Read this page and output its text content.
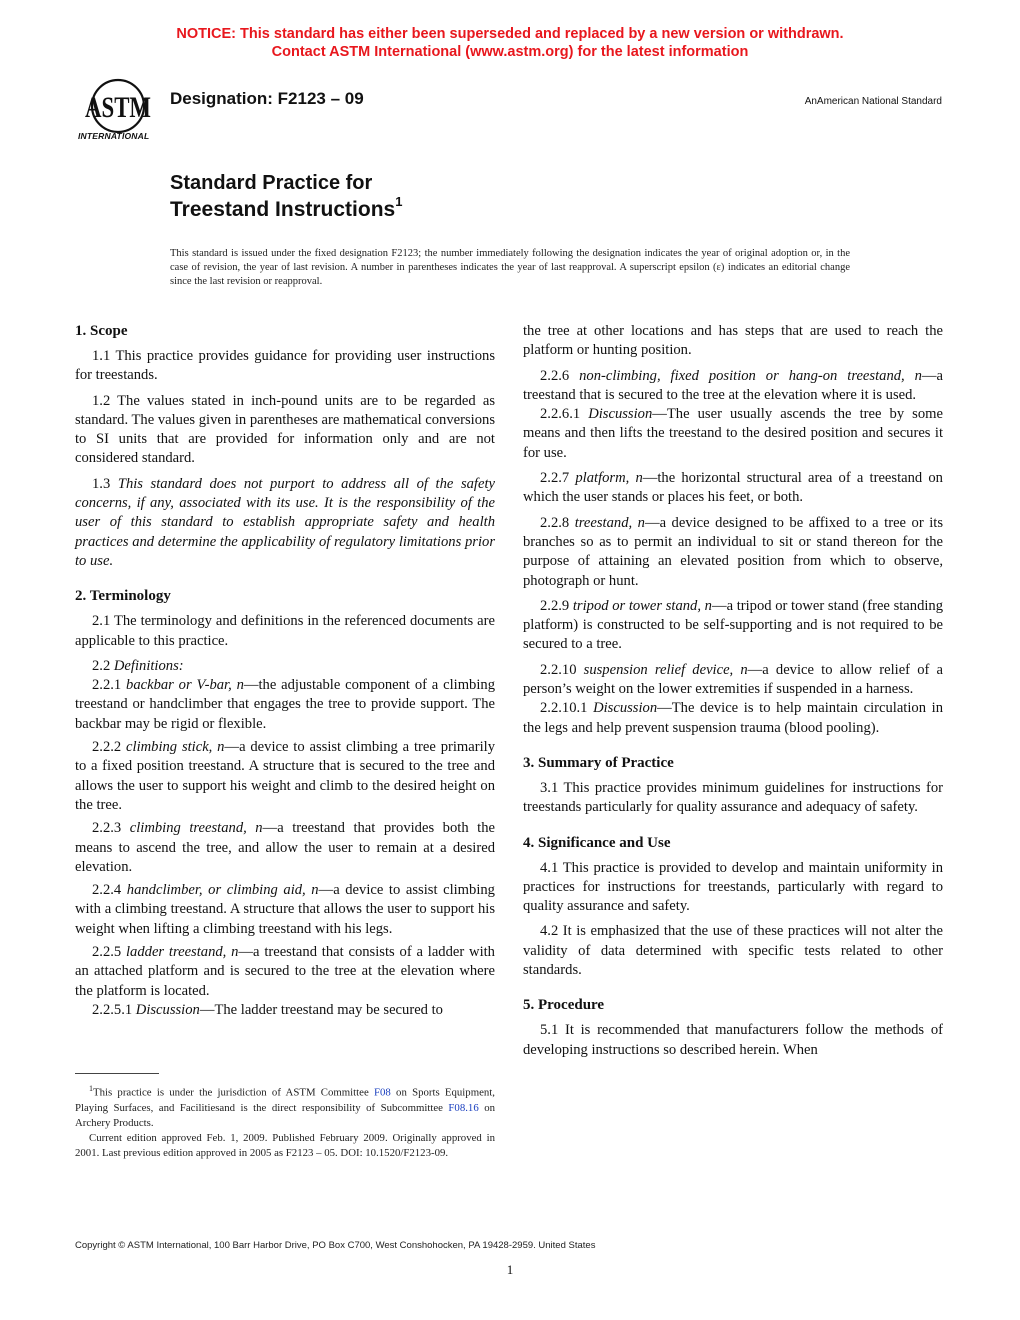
NOTICE: This standard has either been superseded and replaced by a new version or withdrawn.
Contact ASTM International (www.astm.org) for the latest information
ASTM
INTERNATIONAL
Designation: F2123 – 09	AnAmerican National Standard
Standard Practice for
Treestand Instructions$^1$
This standard is issued under the fixed designation F2123; the number immediately following the designation indicates the year of original adoption or, in the case of revision, the year of last revision. A number in parentheses indicates the year of last reapproval. A superscript epsilon (ε) indicates an editorial change since the last revision or reapproval.
1. Scope

1.1 This practice provides guidance for providing user instructions for treestands.

1.2 The values stated in inch-pound units are to be regarded as standard. The values given in parentheses are mathematical conversions to SI units that are provided for information only and are not considered standard.

1.3 This standard does not purport to address all of the safety concerns, if any, associated with its use. It is the responsibility of the user of this standard to establish appropriate safety and health practices and determine the applicability of regulatory limitations prior to use.

2. Terminology

2.1 The terminology and definitions in the referenced documents are applicable to this practice.

2.2 Definitions:

2.2.1 backbar or V-bar, n—the adjustable component of a climbing treestand or handclimber that engages the tree to provide support. The backbar may be rigid or flexible.

2.2.2 climbing stick, n—a device to assist climbing a tree primarily to a fixed position treestand. A structure that is secured to the tree and allows the user to support his weight and climb to the desired height on the tree.

2.2.3 climbing treestand, n—a treestand that provides both the means to ascend the tree, and allow the user to remain at a desired elevation.

2.2.4 handclimber, or climbing aid, n—a device to assist climbing with a climbing treestand. A structure that allows the user to support his weight when lifting a climbing treestand with his legs.

2.2.5 ladder treestand, n—a treestand that consists of a ladder with an attached platform and is secured to the tree at the elevation where the platform is located.

2.2.5.1 Discussion—The ladder treestand may be secured to

the tree at other locations and has steps that are used to reach the platform or hunting position.

2.2.6 non-climbing, fixed position or hang-on treestand, n—a treestand that is secured to the tree at the elevation where it is used.

2.2.6.1 Discussion—The user usually ascends the tree by some means and then lifts the treestand to the desired position and secures it for use.

2.2.7 platform, n—the horizontal structural area of a treestand on which the user stands or places his feet, or both.

2.2.8 treestand, n—a device designed to be affixed to a tree or its branches so as to permit an individual to sit or stand thereon for the purpose of attaining an elevated position from which to observe, photograph or hunt.

2.2.9 tripod or tower stand, n—a tripod or tower stand (free standing platform) is constructed to be self-supporting and is not required to be secured to a tree.

2.2.10 suspension relief device, n—a device to allow relief of a person’s weight on the lower extremities if suspended in a harness.

2.2.10.1 Discussion—The device is to help maintain circulation in the legs and help prevent suspension trauma (blood pooling).

3. Summary of Practice

3.1 This practice provides minimum guidelines for instructions for treestands particularly for quality assurance and adequacy of safety.

4. Significance and Use

4.1 This practice is provided to develop and maintain uniformity in practices for instructions for treestands, particularly with regard to quality assurance and safety.

4.2 It is emphasized that the use of these practices will not alter the validity of data determined with specific tests related to other standards.

5. Procedure

5.1 It is recommended that manufacturers follow the methods of developing instructions so described herein. When

$^1$This practice is under the jurisdiction of ASTM Committee F08 on Sports Equipment, Playing Surfaces, and Facilitiesand is the direct responsibility of Subcommittee F08.16 on Archery Products.

Current edition approved Feb. 1, 2009. Published February 2009. Originally approved in 2001. Last previous edition approved in 2005 as F2123 – 05. DOI: 10.1520/F2123-09.

Copyright © ASTM International, 100 Barr Harbor Drive, PO Box C700, West Conshohocken, PA 19428-2959. United States
1
